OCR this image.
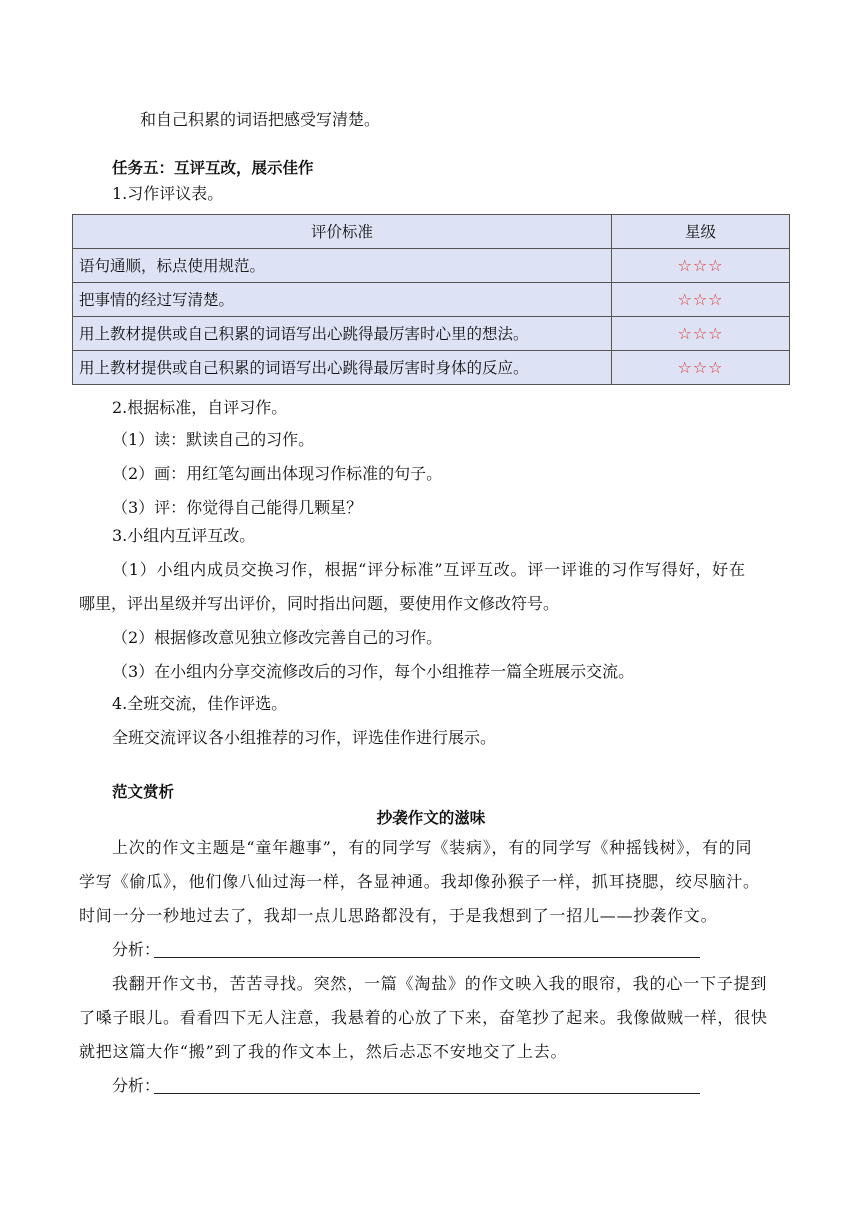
和自己积累的词语把感受写清楚。
任务五：互评互改，展示佳作
1.习作评议表。
评价标准	星级
语句通顺，标点使用规范。	☆☆☆
把事情的经过写清楚。	☆☆☆
用上教材提供或自己积累的词语写出心跳得最厉害时心里的想法。	☆☆☆
用上教材提供或自己积累的词语写出心跳得最厉害时身体的反应。	☆☆☆
2.根据标准，自评习作。
（1）读：默读自己的习作。
（2）画：用红笔勾画出体现习作标准的句子。
（3）评：你觉得自己能得几颗星？
3.小组内互评互改。
（1）小组内成员交换习作，根据“评分标准”互评互改。评一评谁的习作写得好，好在
哪里，评出星级并写出评价，同时指出问题，要使用作文修改符号。
（2）根据修改意见独立修改完善自己的习作。
（3）在小组内分享交流修改后的习作，每个小组推荐一篇全班展示交流。
4.全班交流，佳作评选。
全班交流评议各小组推荐的习作，评选佳作进行展示。
范文赏析
抄袭作文的滋味
上次的作文主题是“童年趣事”，有的同学写《装病》，有的同学写《种摇钱树》，有的同
学写《偷瓜》，他们像八仙过海一样，各显神通。我却像孙猴子一样，抓耳挠腮，绞尽脑汁。
时间一分一秒地过去了，我却一点儿思路都没有，于是我想到了一招儿——抄袭作文。
分析：
我翻开作文书，苦苦寻找。突然，一篇《淘盐》的作文映入我的眼帘，我的心一下子提到
了嗓子眼儿。看看四下无人注意，我悬着的心放了下来，奋笔抄了起来。我像做贼一样，很快
就把这篇大作“搬”到了我的作文本上，然后忐忑不安地交了上去。
分析：
